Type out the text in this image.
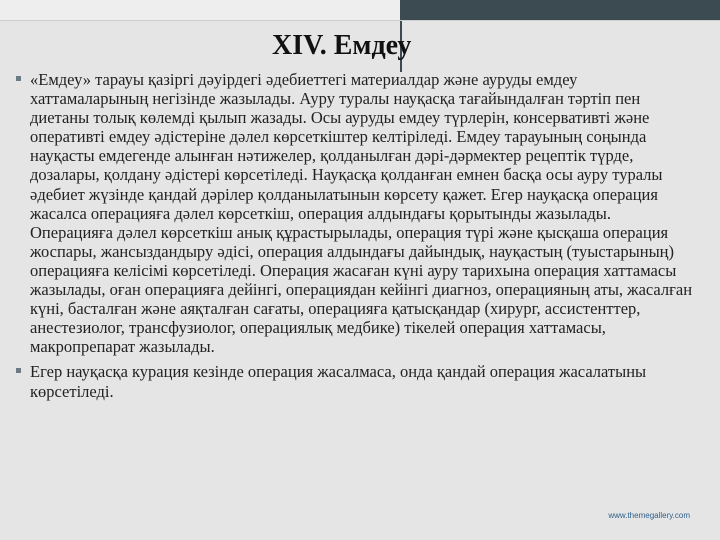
XIV. Емдеу

«Емдеу» тарауы қазіргі дәуірдегі әдебиеттегі материалдар және ауруды емдеу хаттамаларының негізінде жазылады. Ауру туралы науқасқа тағайындалған тәртіп пен диетаны толық көлемді қылып жазады. Осы ауруды емдеу түрлерін, консервативті және оперативті емдеу әдістеріне дәлел көрсеткіштер келтіріледі. Емдеу тарауының соңында науқасты емдегенде алынған нәтижелер, қолданылған дәрі-дәрмектер рецептік түрде, дозалары, қолдану әдістері көрсетіледі. Науқасқа қолданған емнен басқа осы ауру туралы әдебиет жүзінде қандай дәрілер қолданылатынын көрсету қажет. Егер науқасқа операция жасалса операцияға дәлел көрсеткіш, операция алдындағы қорытынды жазылады. Операцияға дәлел көрсеткіш анық құрастырылады, операция түрі және қысқаша операция жоспары, жансыздандыру әдісі, операция алдындағы дайындық, науқастың (туыстарының) операцияға келісімі көрсетіледі. Операция жасаған күні ауру тарихына операция хаттамасы жазылады, оған операцияға дейінгі, операциядан кейінгі диагноз, операцияның аты, жасалған күні, басталған және аяқталған сағаты, операцияға қатысқандар (хирург, ассистенттер, анестезиолог, трансфузиолог, операциялық медбике) тікелей операция хаттамасы, макропрепарат жазылады.

Егер науқасқа курация кезінде операция жасалмаса, онда қандай операция жасалатыны көрсетіледі.

www.themegallery.com
